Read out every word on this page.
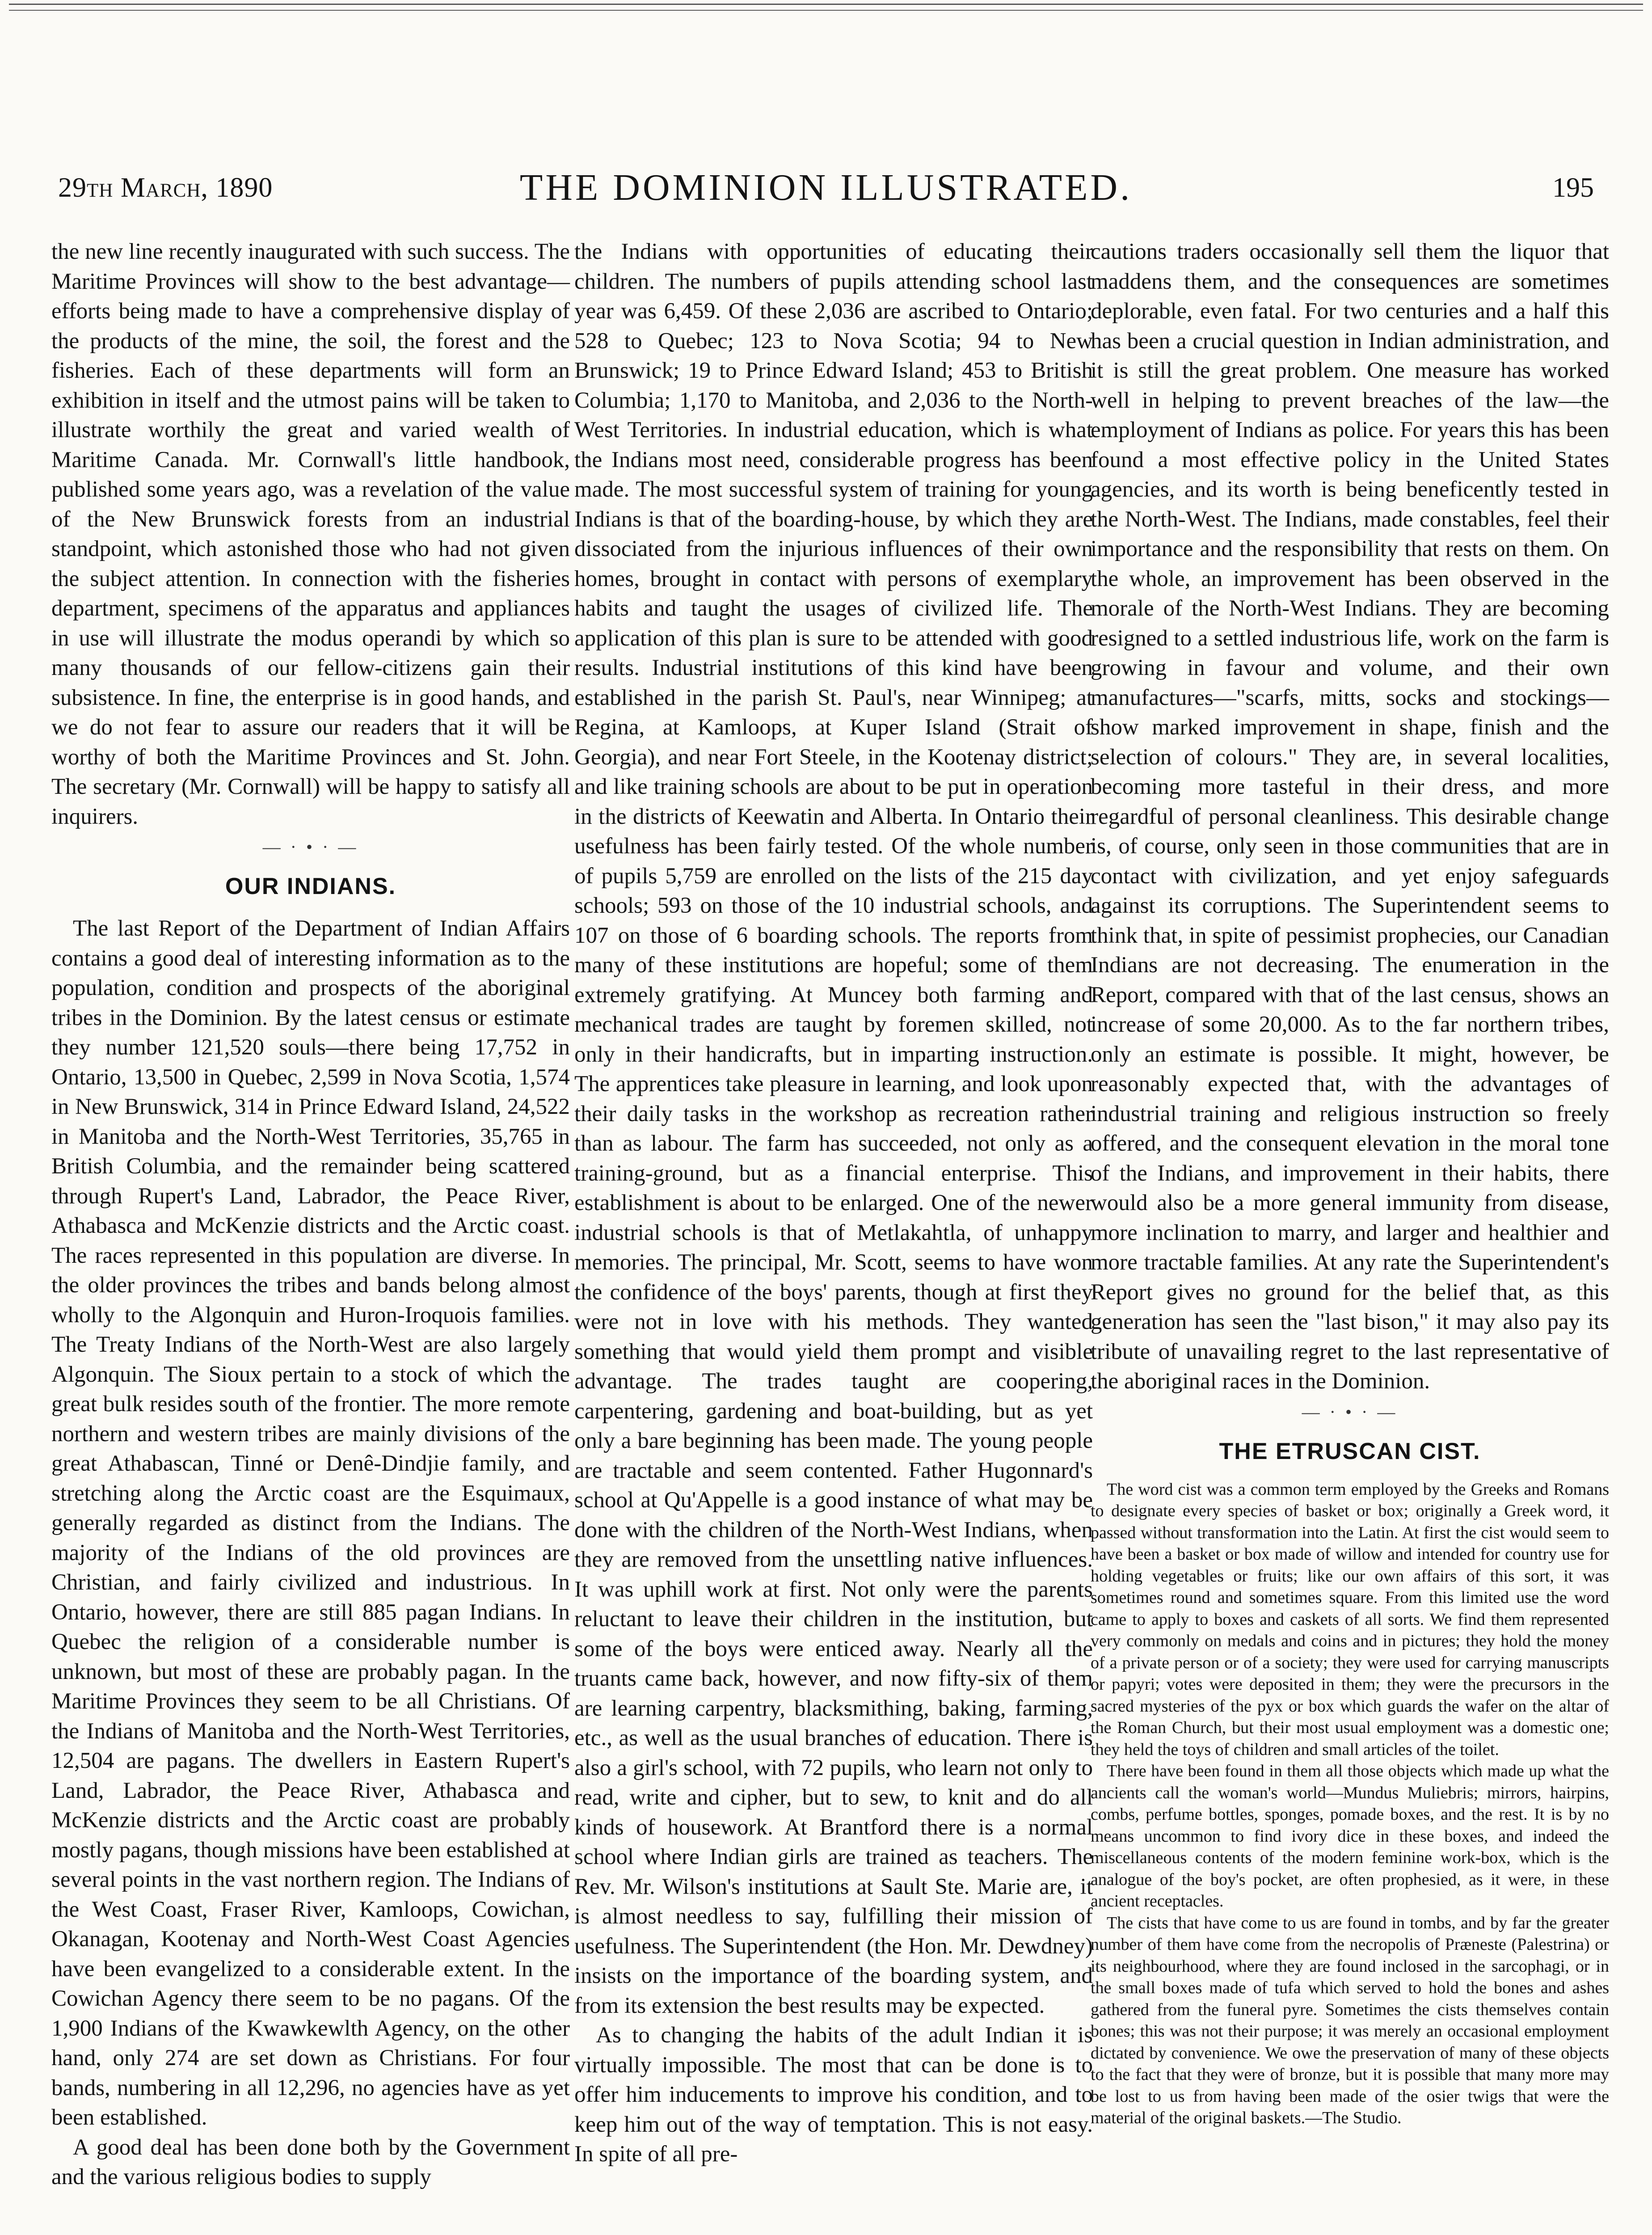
29th March, 1890	THE DOMINION ILLUSTRATED.	195

the new line recently inaugurated with such success. The Maritime Provinces will show to the best advantage—efforts being made to have a comprehensive display of the products of the mine, the soil, the forest and the fisheries. Each of these departments will form an exhibition in itself and the utmost pains will be taken to illustrate worthily the great and varied wealth of Maritime Canada. Mr. Cornwall's little handbook, published some years ago, was a revelation of the value of the New Brunswick forests from an industrial standpoint, which astonished those who had not given the subject attention. In connection with the fisheries department, specimens of the apparatus and appliances in use will illustrate the modus operandi by which so many thousands of our fellow-citizens gain their subsistence. In fine, the enterprise is in good hands, and we do not fear to assure our readers that it will be worthy of both the Maritime Provinces and St. John. The secretary (Mr. Cornwall) will be happy to satisfy all inquirers.

— · • · —
OUR INDIANS.

The last Report of the Department of Indian Affairs contains a good deal of interesting information as to the population, condition and prospects of the aboriginal tribes in the Dominion. By the latest census or estimate they number 121,520 souls—there being 17,752 in Ontario, 13,500 in Quebec, 2,599 in Nova Scotia, 1,574 in New Brunswick, 314 in Prince Edward Island, 24,522 in Manitoba and the North-West Territories, 35,765 in British Columbia, and the remainder being scattered through Rupert's Land, Labrador, the Peace River, Athabasca and McKenzie districts and the Arctic coast. The races represented in this population are diverse. In the older provinces the tribes and bands belong almost wholly to the Algonquin and Huron-Iroquois families. The Treaty Indians of the North-West are also largely Algonquin. The Sioux pertain to a stock of which the great bulk resides south of the frontier. The more remote northern and western tribes are mainly divisions of the great Athabascan, Tinné or Denê-Dindjie family, and stretching along the Arctic coast are the Esquimaux, generally regarded as distinct from the Indians. The majority of the Indians of the old provinces are Christian, and fairly civilized and industrious. In Ontario, however, there are still 885 pagan Indians. In Quebec the religion of a considerable number is unknown, but most of these are probably pagan. In the Maritime Provinces they seem to be all Christians. Of the Indians of Manitoba and the North-West Territories, 12,504 are pagans. The dwellers in Eastern Rupert's Land, Labrador, the Peace River, Athabasca and McKenzie districts and the Arctic coast are probably mostly pagans, though missions have been established at several points in the vast northern region. The Indians of the West Coast, Fraser River, Kamloops, Cowichan, Okanagan, Kootenay and North-West Coast Agencies have been evangelized to a considerable extent. In the Cowichan Agency there seem to be no pagans. Of the 1,900 Indians of the Kwawkewlth Agency, on the other hand, only 274 are set down as Christians. For four bands, numbering in all 12,296, no agencies have as yet been established.

A good deal has been done both by the Government and the various religious bodies to supply

the Indians with opportunities of educating their children. The numbers of pupils attending school last year was 6,459. Of these 2,036 are ascribed to Ontario; 528 to Quebec; 123 to Nova Scotia; 94 to New Brunswick; 19 to Prince Edward Island; 453 to British Columbia; 1,170 to Manitoba, and 2,036 to the North-West Territories. In industrial education, which is what the Indians most need, considerable progress has been made. The most successful system of training for young Indians is that of the boarding-house, by which they are dissociated from the injurious influences of their own homes, brought in contact with persons of exemplary habits and taught the usages of civilized life. The application of this plan is sure to be attended with good results. Industrial institutions of this kind have been established in the parish St. Paul's, near Winnipeg; at Regina, at Kamloops, at Kuper Island (Strait of Georgia), and near Fort Steele, in the Kootenay district; and like training schools are about to be put in operation in the districts of Keewatin and Alberta. In Ontario their usefulness has been fairly tested. Of the whole number of pupils 5,759 are enrolled on the lists of the 215 day schools; 593 on those of the 10 industrial schools, and 107 on those of 6 boarding schools. The reports from many of these institutions are hopeful; some of them extremely gratifying. At Muncey both farming and mechanical trades are taught by foremen skilled, not only in their handicrafts, but in imparting instruction. The apprentices take pleasure in learning, and look upon their daily tasks in the workshop as recreation rather than as labour. The farm has succeeded, not only as a training-ground, but as a financial enterprise. This establishment is about to be enlarged. One of the newer industrial schools is that of Metlakahtla, of unhappy memories. The principal, Mr. Scott, seems to have won the confidence of the boys' parents, though at first they were not in love with his methods. They wanted something that would yield them prompt and visible advantage. The trades taught are coopering, carpentering, gardening and boat-building, but as yet only a bare beginning has been made. The young people are tractable and seem contented. Father Hugonnard's school at Qu'Appelle is a good instance of what may be done with the children of the North-West Indians, when they are removed from the unsettling native influences. It was uphill work at first. Not only were the parents reluctant to leave their children in the institution, but some of the boys were enticed away. Nearly all the truants came back, however, and now fifty-six of them are learning carpentry, blacksmithing, baking, farming, etc., as well as the usual branches of education. There is also a girl's school, with 72 pupils, who learn not only to read, write and cipher, but to sew, to knit and do all kinds of housework. At Brantford there is a normal school where Indian girls are trained as teachers. The Rev. Mr. Wilson's institutions at Sault Ste. Marie are, it is almost needless to say, fulfilling their mission of usefulness. The Superintendent (the Hon. Mr. Dewdney) insists on the importance of the boarding system, and from its extension the best results may be expected.

As to changing the habits of the adult Indian it is virtually impossible. The most that can be done is to offer him inducements to improve his condition, and to keep him out of the way of temptation. This is not easy. In spite of all pre-

cautions traders occasionally sell them the liquor that maddens them, and the consequences are sometimes deplorable, even fatal. For two centuries and a half this has been a crucial question in Indian administration, and it is still the great problem. One measure has worked well in helping to prevent breaches of the law—the employment of Indians as police. For years this has been found a most effective policy in the United States agencies, and its worth is being beneficently tested in the North-West. The Indians, made constables, feel their importance and the responsibility that rests on them. On the whole, an improvement has been observed in the morale of the North-West Indians. They are becoming resigned to a settled industrious life, work on the farm is growing in favour and volume, and their own manufactures—"scarfs, mitts, socks and stockings—show marked improvement in shape, finish and the selection of colours." They are, in several localities, becoming more tasteful in their dress, and more regardful of personal cleanliness. This desirable change is, of course, only seen in those communities that are in contact with civilization, and yet enjoy safeguards against its corruptions. The Superintendent seems to think that, in spite of pessimist prophecies, our Canadian Indians are not decreasing. The enumeration in the Report, compared with that of the last census, shows an increase of some 20,000. As to the far northern tribes, only an estimate is possible. It might, however, be reasonably expected that, with the advantages of industrial training and religious instruction so freely offered, and the consequent elevation in the moral tone of the Indians, and improvement in their habits, there would also be a more general immunity from disease, more inclination to marry, and larger and healthier and more tractable families. At any rate the Superintendent's Report gives no ground for the belief that, as this generation has seen the "last bison," it may also pay its tribute of unavailing regret to the last representative of the aboriginal races in the Dominion.

— · • · —
THE ETRUSCAN CIST.

The word cist was a common term employed by the Greeks and Romans to designate every species of basket or box; originally a Greek word, it passed without transformation into the Latin. At first the cist would seem to have been a basket or box made of willow and intended for country use for holding vegetables or fruits; like our own affairs of this sort, it was sometimes round and sometimes square. From this limited use the word came to apply to boxes and caskets of all sorts. We find them represented very commonly on medals and coins and in pictures; they hold the money of a private person or of a society; they were used for carrying manuscripts or papyri; votes were deposited in them; they were the precursors in the sacred mysteries of the pyx or box which guards the wafer on the altar of the Roman Church, but their most usual employment was a domestic one; they held the toys of children and small articles of the toilet.

There have been found in them all those objects which made up what the ancients call the woman's world—Mundus Muliebris; mirrors, hairpins, combs, perfume bottles, sponges, pomade boxes, and the rest. It is by no means uncommon to find ivory dice in these boxes, and indeed the miscellaneous contents of the modern feminine work-box, which is the analogue of the boy's pocket, are often prophesied, as it were, in these ancient receptacles.

The cists that have come to us are found in tombs, and by far the greater number of them have come from the necropolis of Præneste (Palestrina) or its neighbourhood, where they are found inclosed in the sarcophagi, or in the small boxes made of tufa which served to hold the bones and ashes gathered from the funeral pyre. Sometimes the cists themselves contain bones; this was not their purpose; it was merely an occasional employment dictated by convenience. We owe the preservation of many of these objects to the fact that they were of bronze, but it is possible that many more may be lost to us from having been made of the osier twigs that were the material of the original baskets.—The Studio.
